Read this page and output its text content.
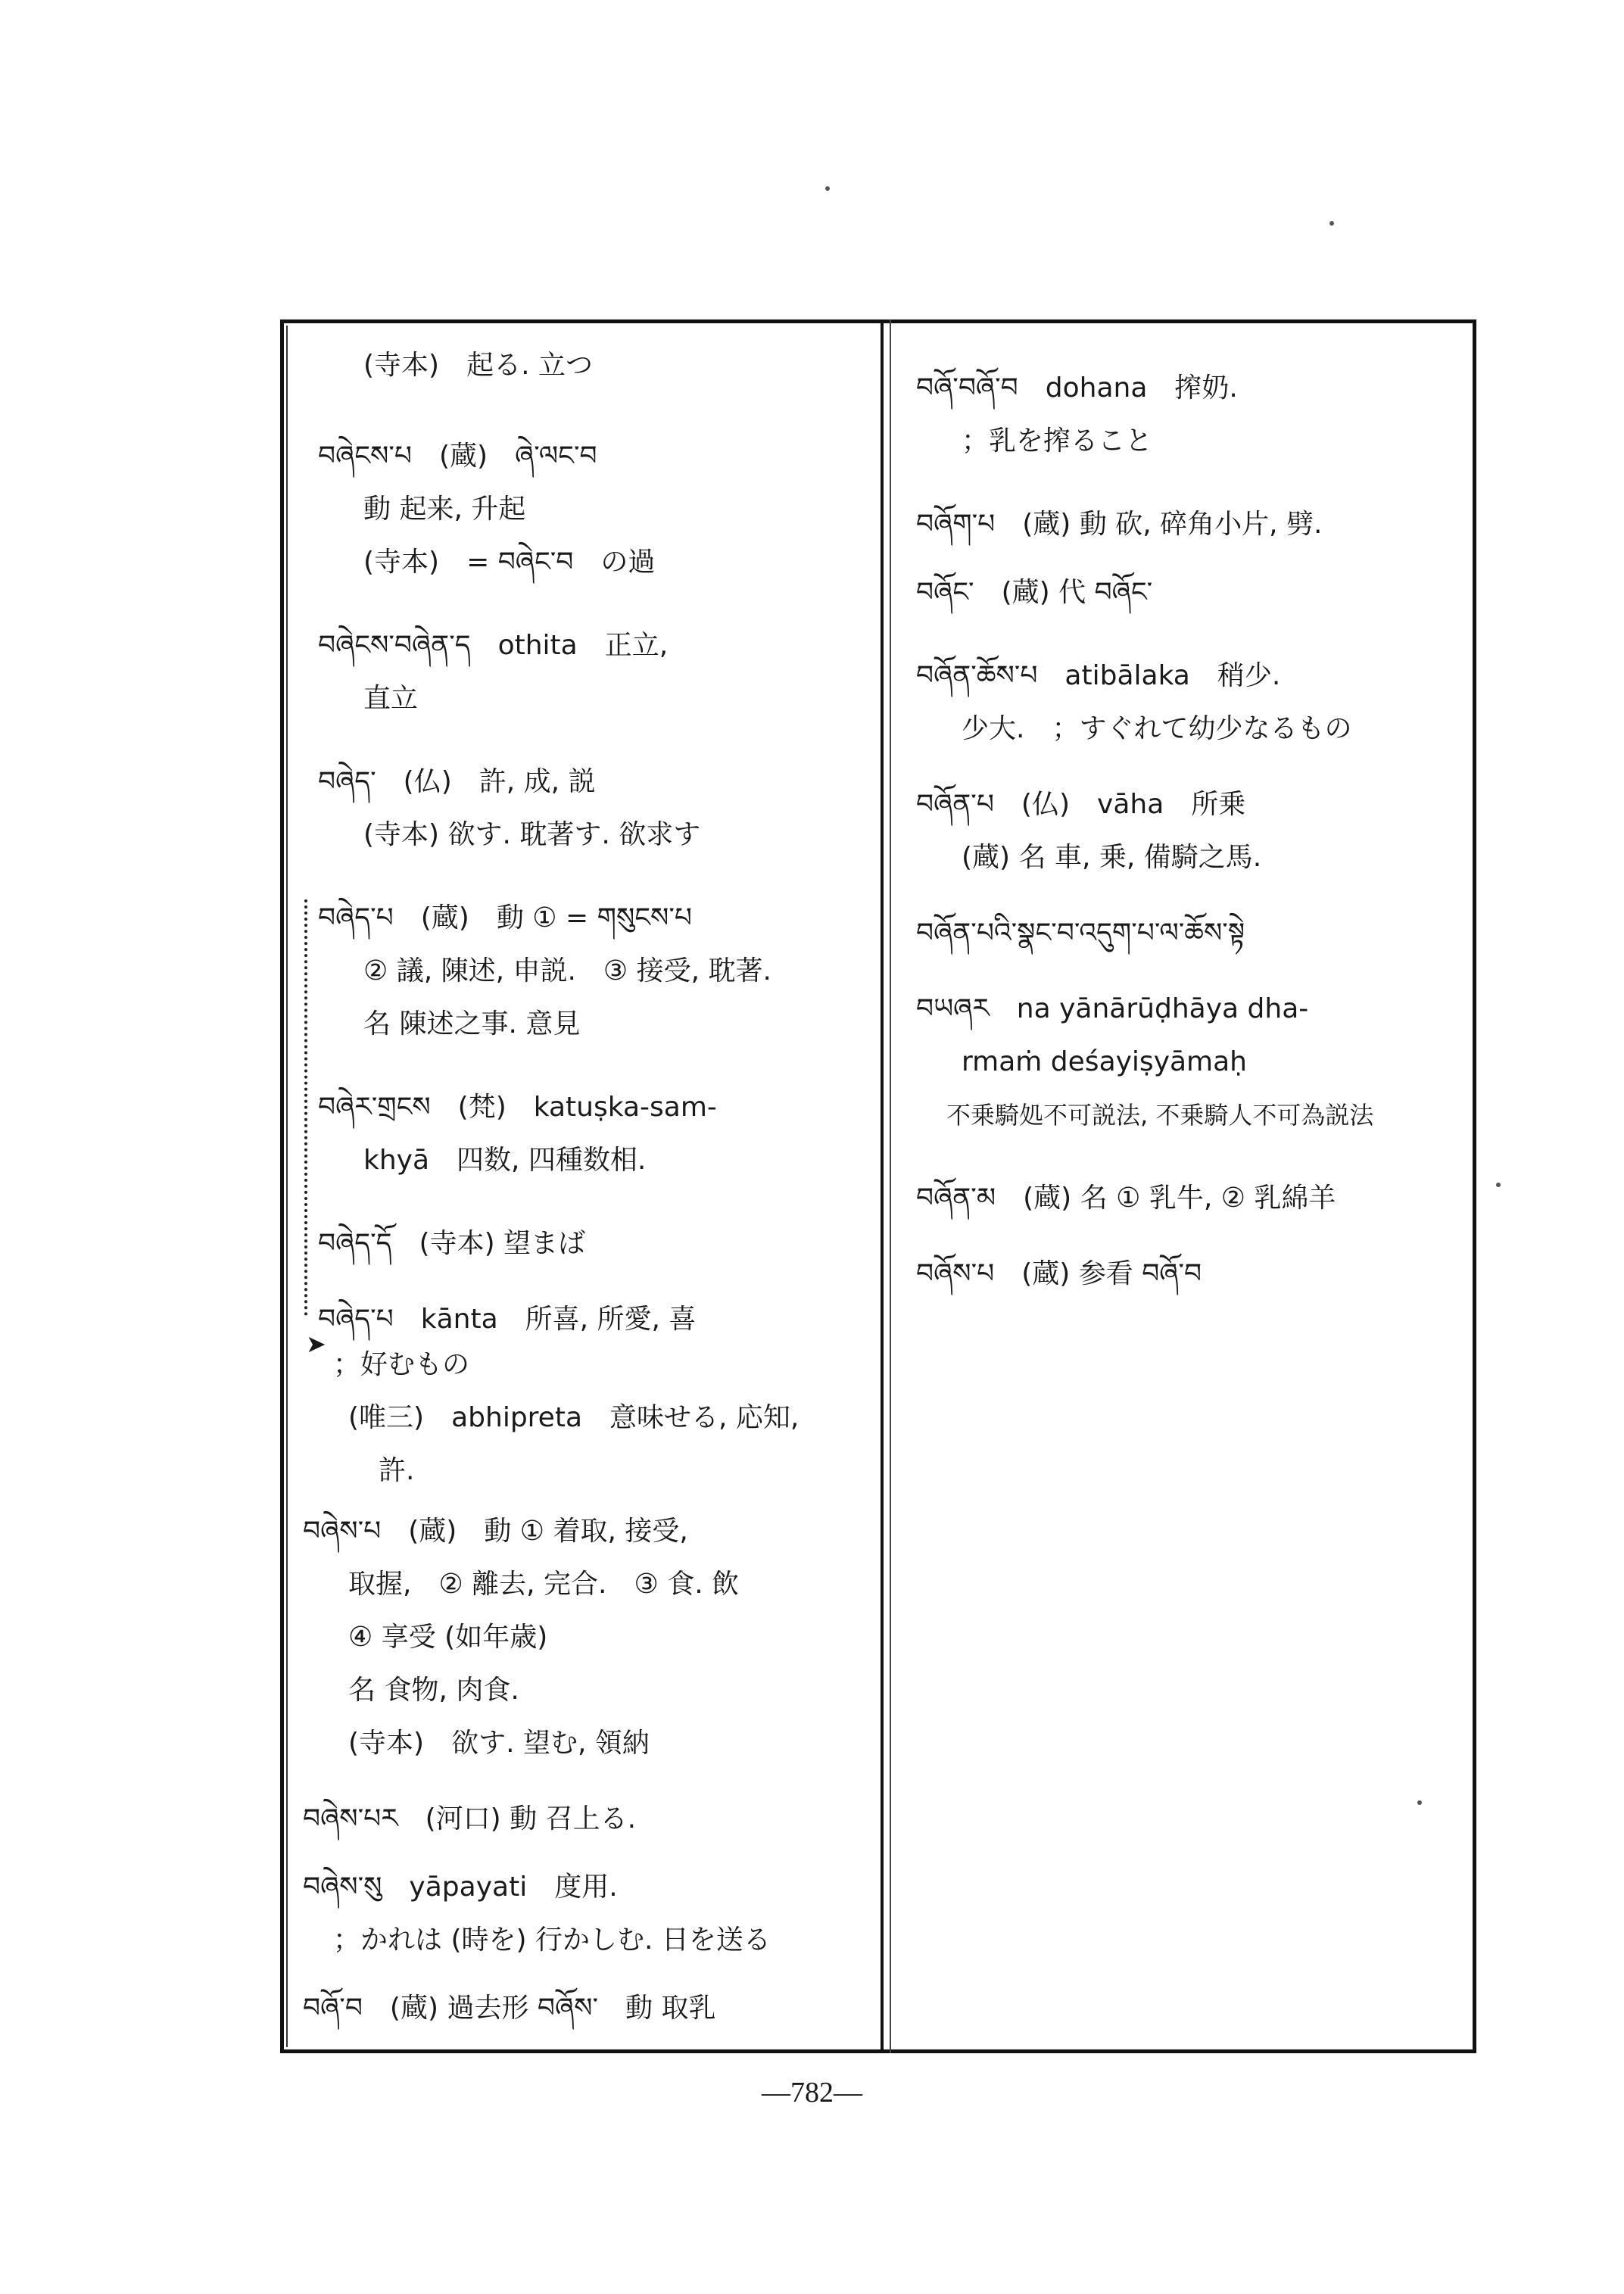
➤
(寺本)　起る. 立つ
བཞེངས་པ　(蔵)　ཞེ་ལང་བ
動 起来, 升起
(寺本)　= བཞེང་བ　の過
བཞེངས་བཞེན་ད　othita　正立,
直立
བཞེད་　(仏)　許, 成, 説
(寺本) 欲す. 耽著す. 欲求す
བཞེད་པ　(蔵)　動 ① = གསུངས་པ
② 議, 陳述, 申説.　③ 接受, 耽著.
名 陳述之事. 意見
བཞེར་གྲངས　(梵)　katuṣka-sam-
khyā　四数, 四種数相.
བཞེད་དོ　(寺本) 望まば
བཞེད་པ　kānta　所喜, 所愛, 喜
；好むもの
(唯三)　abhipreta　意味せる, 応知,
許.
བཞེས་པ　(蔵)　動 ① 着取, 接受,
取握,　② 離去, 完合.　③ 食. 飲
④ 享受 (如年歳)
名 食物, 肉食.
(寺本)　欲す. 望む, 領納
བཞེས་པར　(河口) 動 召上る.
བཞེས་སུ　yāpayati　度用.
；かれは (時を) 行かしむ. 日を送る
བཞོ་བ　(蔵) 過去形 བཞོས་　動 取乳
བཞོ་བཞོ་བ　dohana　搾奶.
；乳を搾ること
བཞོག་པ　(蔵) 動 砍, 碎角小片, 劈.
བཞོང་　(蔵) 代 བཞོང་
བཞོན་ཆོས་པ　atibālaka　稍少.
少大.　；すぐれて幼少なるもの
བཞོན་པ　(仏)　vāha　所乗
(蔵) 名 車, 乗, 備騎之馬.
བཞོན་པའི་སྣང་བ་འདུག་པ་ལ་ཆོས་སྟེ
བཡཞར　na yānārūḍhāya dha-
rmaṁ deśayiṣyāmaḥ
不乗騎処不可説法, 不乗騎人不可為説法
བཞོན་མ　(蔵) 名 ① 乳牛, ② 乳綿羊
བཞོས་པ　(蔵) 参看 བཞོ་བ
—782—
